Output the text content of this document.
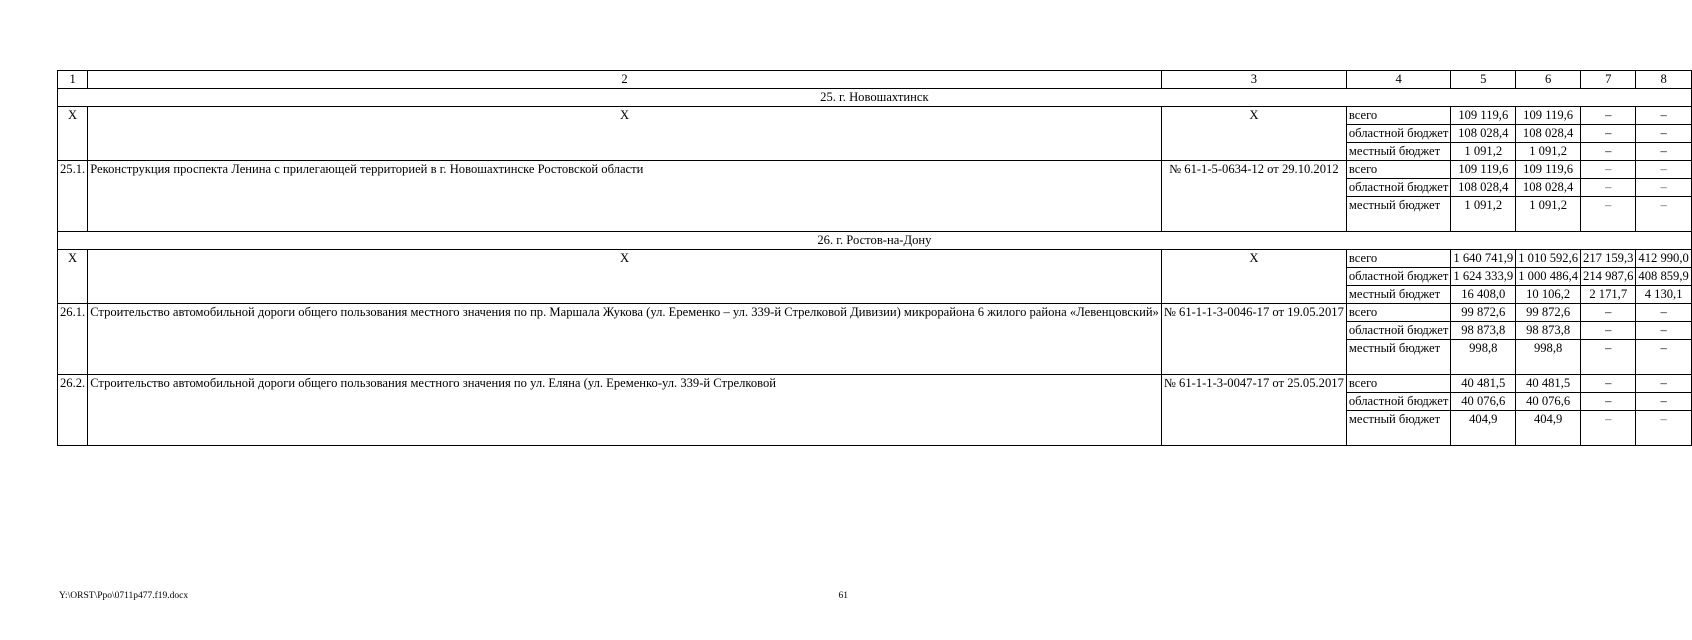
1	2	3	4	5	6	7	8
25. г. Новошахтинск							
Х	Х	Х	всего	109 119,6	109 119,6	–	–
			областной бюджет	108 028,4	108 028,4	–	–
			местный бюджет	1 091,2	1 091,2	–	–
25.1.	Реконструкция проспекта Ленина с прилегающей территорией в г. Новошахтинске Ростовской области	№ 61-1-5-0634-12 от 29.10.2012	всего	109 119,6	109 119,6	–	–
			областной бюджет	108 028,4	108 028,4	–	–
			местный бюджет	1 091,2	1 091,2	–	–

26. г. Ростов-на-Дону							
Х	Х	Х	всего	1 640 741,9	1 010 592,6	217 159,3	412 990,0
			областной бюджет	1 624 333,9	1 000 486,4	214 987,6	408 859,9
			местный бюджет	16 408,0	10 106,2	2 171,7	4 130,1
26.1.	Строительство автомобильной дороги общего пользования местного значения по пр. Маршала Жукова (ул. Еременко – ул. 339-й Стрелковой Дивизии) микрорайона 6 жилого района «Левенцовский»	№ 61-1-1-3-0046-17 от 19.05.2017	всего	99 872,6	99 872,6	–	–
			областной бюджет	98 873,8	98 873,8	–	–
			местный бюджет	998,8	998,8	–	–

26.2.	Строительство автомобильной дороги общего пользования местного значения по ул. Еляна (ул. Еременко-ул. 339-й Стрелковой	№ 61-1-1-3-0047-17 от 25.05.2017	всего	40 481,5	40 481,5	–	–
			областной бюджет	40 076,6	40 076,6	–	–
			местный бюджет	404,9	404,9	–	–

Y:\ORST\Ppo\0711p477.f19.docx	61
